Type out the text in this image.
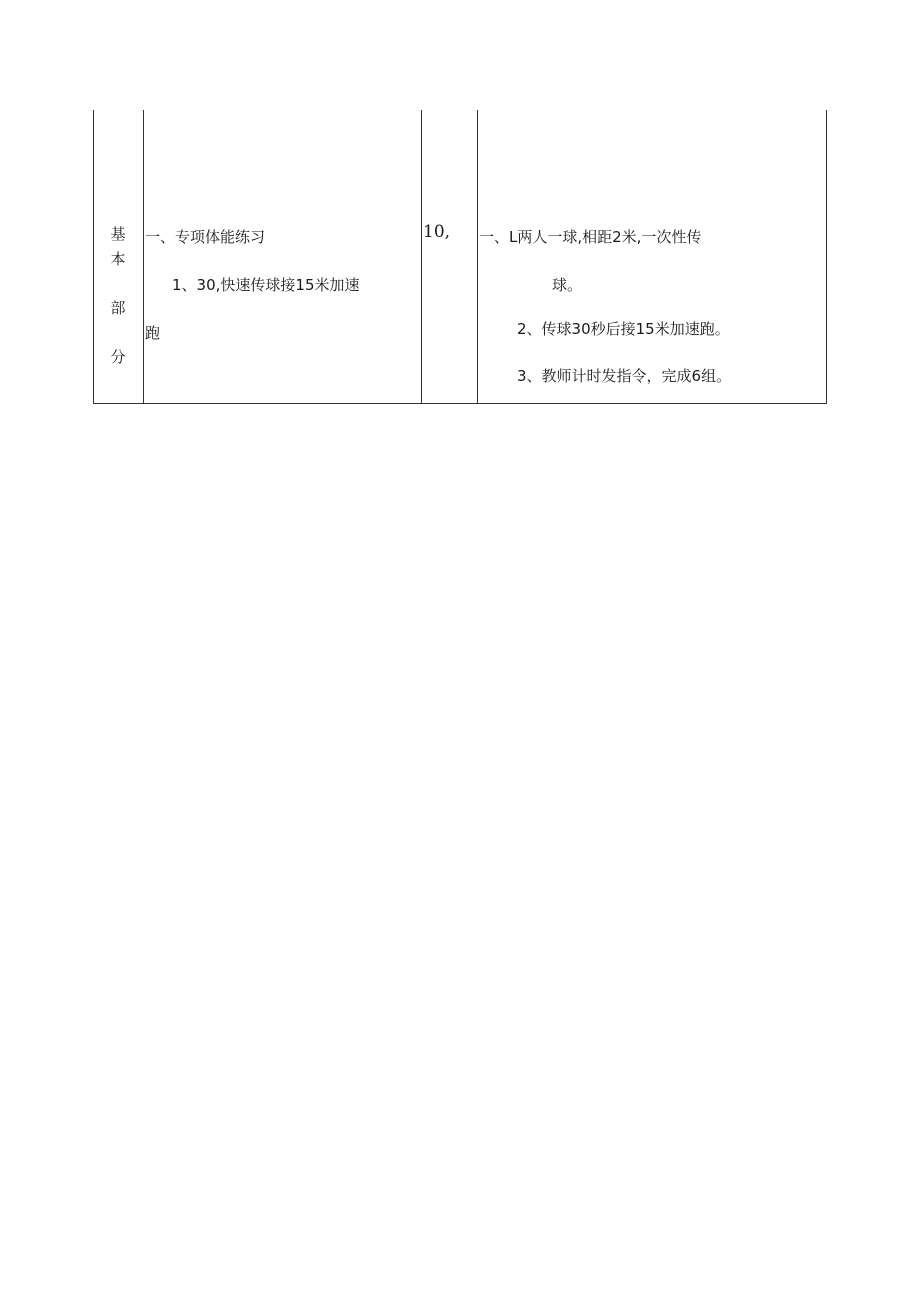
基
本
部
分
一、专项体能练习
1、30,快速传球接15米加速
跑
10, 一、L两人一球,相距2米,一次性传
球。
2、传球30秒后接15米加速跑。
3、教师计时发指令，完成6组。
